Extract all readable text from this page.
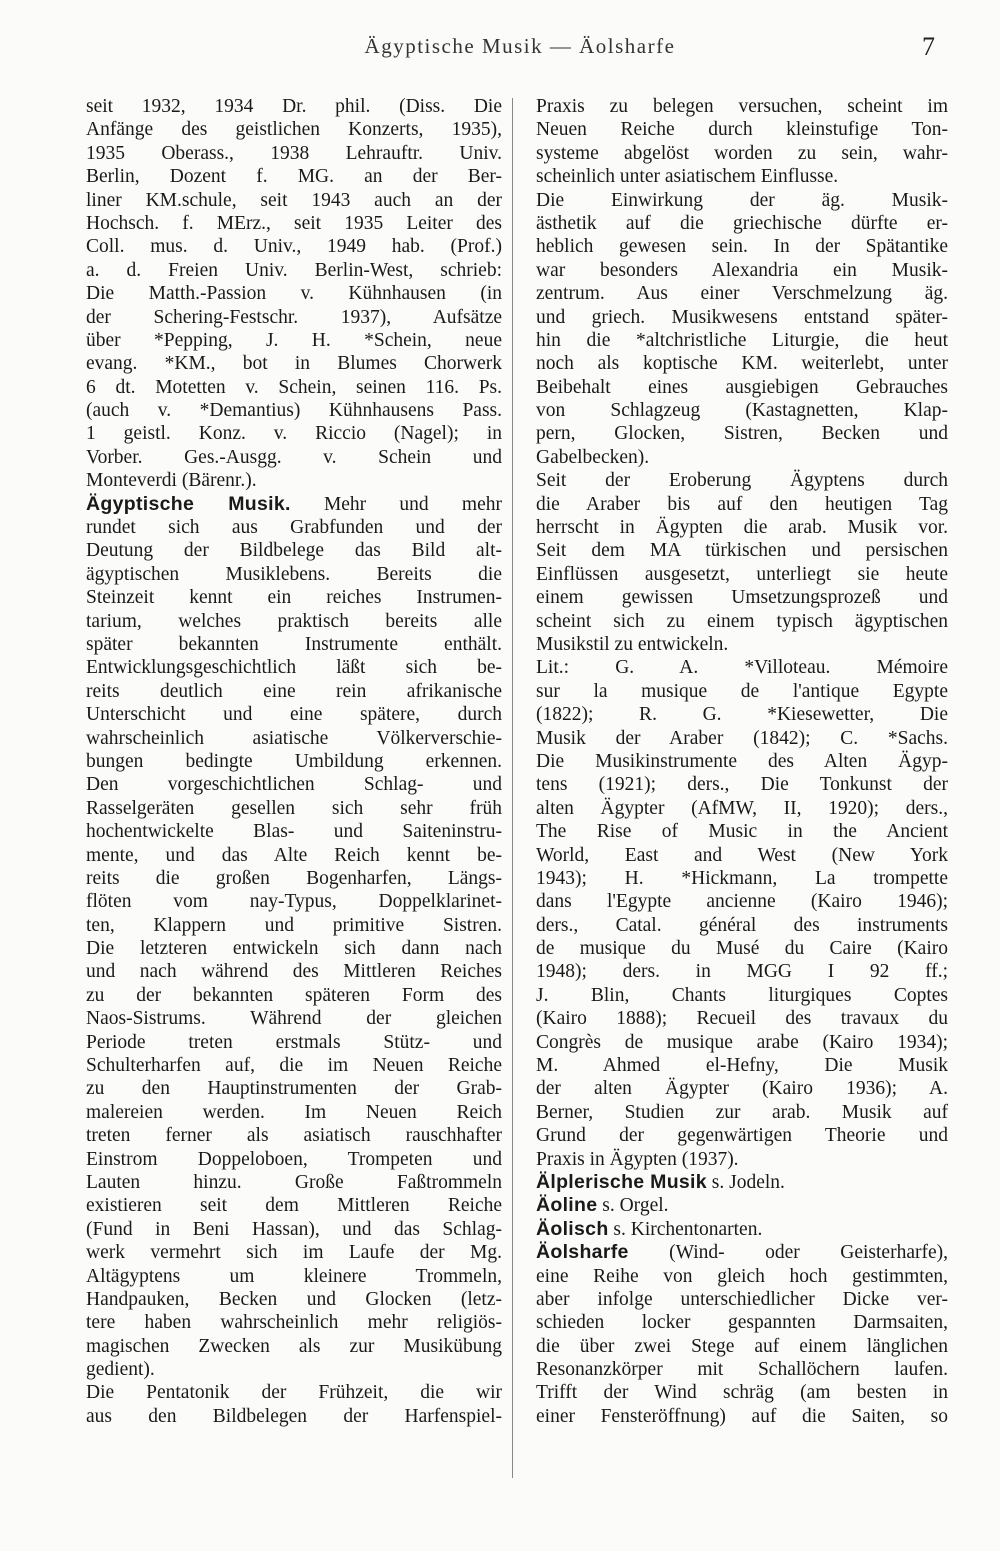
Ägyptische Musik — Äolsharfe	7
seit 1932, 1934 Dr. phil. (Diss. Die
Anfänge des geistlichen Konzerts, 1935),
1935 Oberass., 1938 Lehrauftr. Univ.
Berlin, Dozent f. MG. an der Ber-
liner KM.schule, seit 1943 auch an der
Hochsch. f. MErz., seit 1935 Leiter des
Coll. mus. d. Univ., 1949 hab. (Prof.)
a. d. Freien Univ. Berlin-West, schrieb:
Die Matth.-Passion v. Kühnhausen (in
der Schering-Festschr. 1937), Aufsätze
über *Pepping, J. H. *Schein, neue
evang. *KM., bot in Blumes Chorwerk
6 dt. Motetten v. Schein, seinen 116. Ps.
(auch v. *Demantius) Kühnhausens Pass.
1 geistl. Konz. v. Riccio (Nagel); in
Vorber. Ges.-Ausgg. v. Schein und
Monteverdi (Bärenr.).
Ägyptische Musik. Mehr und mehr
rundet sich aus Grabfunden und der
Deutung der Bildbelege das Bild alt-
ägyptischen Musiklebens. Bereits die
Steinzeit kennt ein reiches Instrumen-
tarium, welches praktisch bereits alle
später bekannten Instrumente enthält.
Entwicklungsgeschichtlich läßt sich be-
reits deutlich eine rein afrikanische
Unterschicht und eine spätere, durch
wahrscheinlich asiatische Völkerverschie-
bungen bedingte Umbildung erkennen.
Den vorgeschichtlichen Schlag- und
Rasselgeräten gesellen sich sehr früh
hochentwickelte Blas- und Saiteninstru-
mente, und das Alte Reich kennt be-
reits die großen Bogenharfen, Längs-
flöten vom nay-Typus, Doppelklarinet-
ten, Klappern und primitive Sistren.
Die letzteren entwickeln sich dann nach
und nach während des Mittleren Reiches
zu der bekannten späteren Form des
Naos-Sistrums. Während der gleichen
Periode treten erstmals Stütz- und
Schulterharfen auf, die im Neuen Reiche
zu den Hauptinstrumenten der Grab-
malereien werden. Im Neuen Reich
treten ferner als asiatisch rauschhafter
Einstrom Doppeloboen, Trompeten und
Lauten hinzu. Große Faßtrommeln
existieren seit dem Mittleren Reiche
(Fund in Beni Hassan), und das Schlag-
werk vermehrt sich im Laufe der Mg.
Altägyptens um kleinere Trommeln,
Handpauken, Becken und Glocken (letz-
tere haben wahrscheinlich mehr religiös-
magischen Zwecken als zur Musikübung
gedient).
Die Pentatonik der Frühzeit, die wir
aus den Bildbelegen der Harfenspiel-
Praxis zu belegen versuchen, scheint im
Neuen Reiche durch kleinstufige Ton-
systeme abgelöst worden zu sein, wahr-
scheinlich unter asiatischem Einflusse.
Die Einwirkung der äg. Musik-
ästhetik auf die griechische dürfte er-
heblich gewesen sein. In der Spätantike
war besonders Alexandria ein Musik-
zentrum. Aus einer Verschmelzung äg.
und griech. Musikwesens entstand später-
hin die *altchristliche Liturgie, die heut
noch als koptische KM. weiterlebt, unter
Beibehalt eines ausgiebigen Gebrauches
von Schlagzeug (Kastagnetten, Klap-
pern, Glocken, Sistren, Becken und
Gabelbecken).
Seit der Eroberung Ägyptens durch
die Araber bis auf den heutigen Tag
herrscht in Ägypten die arab. Musik vor.
Seit dem MA türkischen und persischen
Einflüssen ausgesetzt, unterliegt sie heute
einem gewissen Umsetzungsprozeß und
scheint sich zu einem typisch ägyptischen
Musikstil zu entwickeln.
Lit.: G. A. *Villoteau. Mémoire
sur la musique de l'antique Egypte
(1822); R. G. *Kiesewetter, Die
Musik der Araber (1842); C. *Sachs.
Die Musikinstrumente des Alten Ägyp-
tens (1921); ders., Die Tonkunst der
alten Ägypter (AfMW, II, 1920); ders.,
The Rise of Music in the Ancient
World, East and West (New York
1943); H. *Hickmann, La trompette
dans l'Egypte ancienne (Kairo 1946);
ders., Catal. général des instruments
de musique du Musé du Caire (Kairo
1948); ders. in MGG I 92 ff.;
J. Blin, Chants liturgiques Coptes
(Kairo 1888); Recueil des travaux du
Congrès de musique arabe (Kairo 1934);
M. Ahmed el-Hefny, Die Musik
der alten Ägypter (Kairo 1936); A.
Berner, Studien zur arab. Musik auf
Grund der gegenwärtigen Theorie und
Praxis in Ägypten (1937).
Älplerische Musik s. Jodeln.
Äoline s. Orgel.
Äolisch s. Kirchentonarten.
Äolsharfe (Wind- oder Geisterharfe),
eine Reihe von gleich hoch gestimmten,
aber infolge unterschiedlicher Dicke ver-
schieden locker gespannten Darmsaiten,
die über zwei Stege auf einem länglichen
Resonanzkörper mit Schallöchern laufen.
Trifft der Wind schräg (am besten in
einer Fensteröffnung) auf die Saiten, so
